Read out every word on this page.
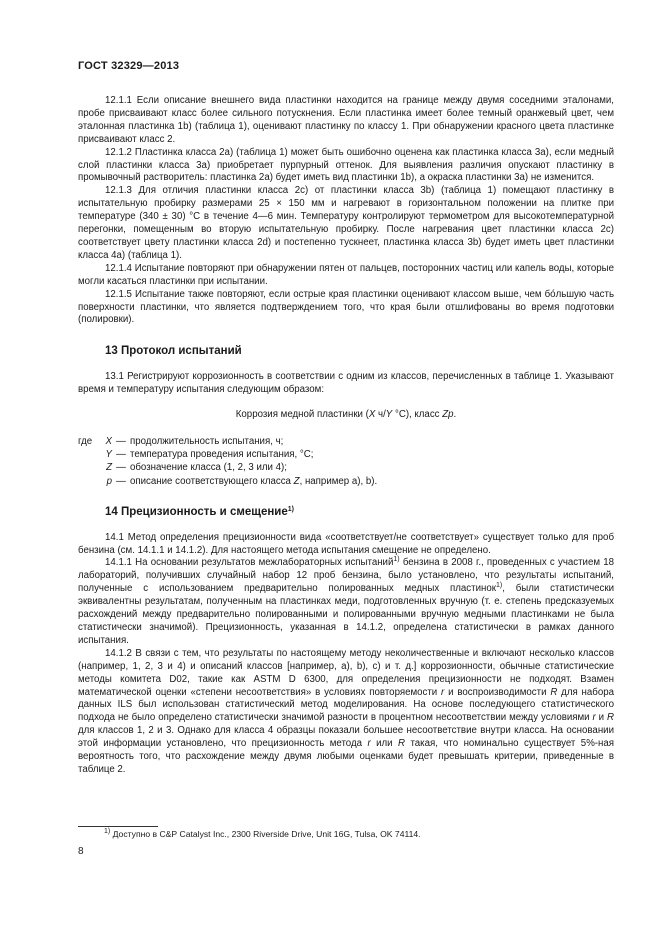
ГОСТ 32329—2013

12.1.1 Если описание внешнего вида пластинки находится на границе между двумя соседними эталонами, пробе присваивают класс более сильного потускнения. Если пластинка имеет более темный оранжевый цвет, чем эталонная пластинка 1b) (таблица 1), оценивают пластинку по классу 1. При обнаружении красного цвета пластинке присваивают класс 2.

12.1.2 Пластинка класса 2а) (таблица 1) может быть ошибочно оценена как пластинка класса 3а), если медный слой пластинки класса 3а) приобретает пурпурный оттенок. Для выявления различия опускают пластинку в промывочный растворитель: пластинка 2а) будет иметь вид пластинки 1b), а окраска пластинки 3а) не изменится.

12.1.3 Для отличия пластинки класса 2с) от пластинки класса 3b) (таблица 1) помещают пластинку в испытательную пробирку размерами 25 × 150 мм и нагревают в горизонтальном положении на плитке при температуре (340 ± 30) °С в течение 4—6 мин. Температуру контролируют термометром для высокотемпературной перегонки, помещенным во вторую испытательную пробирку. После нагревания цвет пластинки класса 2с) соответствует цвету пластинки класса 2d) и постепенно тускнеет, пластинка класса 3b) будет иметь цвет пластинки класса 4а) (таблица 1).

12.1.4 Испытание повторяют при обнаружении пятен от пальцев, посторонних частиц или капель воды, которые могли касаться пластинки при испытании.

12.1.5 Испытание также повторяют, если острые края пластинки оценивают классом выше, чем бо́льшую часть поверхности пластинки, что является подтверждением того, что края были отшлифованы во время подготовки (полировки).

13 Протокол испытаний

13.1 Регистрируют коррозионность в соответствии с одним из классов, перечисленных в таблице 1. Указывают время и температуру испытания следующим образом:

Коррозия медной пластинки (X ч/Y °С), класс Zp.
где	X — продолжительность испытания, ч;
Y — температура проведения испытания, °С;
Z — обозначение класса (1, 2, 3 или 4);
p — описание соответствующего класса Z, например а), b).
14 Прецизионность и смещение$^{1)}$

14.1 Метод определения прецизионности вида «соответствует/не соответствует» существует только для проб бензина (см. 14.1.1 и 14.1.2). Для настоящего метода испытания смещение не определено.

14.1.1 На основании результатов межлабораторных испытаний$^{1)}$ бензина в 2008 г., проведенных с участием 18 лабораторий, получивших случайный набор 12 проб бензина, было установлено, что результаты испытаний, полученные с использованием предварительно полированных медных пластинок$^{1)}$, были статистически эквивалентны результатам, полученным на пластинках меди, подготовленных вручную (т. е. степень предсказуемых расхождений между предварительно полированными и полированными вручную медными пластинками не была статистически значимой). Прецизионность, указанная в 14.1.2, определена статистически в рамках данного испытания.

14.1.2 В связи с тем, что результаты по настоящему методу неколичественные и включают несколько классов (например, 1, 2, 3 и 4) и описаний классов [например, а), b), с) и т. д.] коррозионности, обычные статистические методы комитета D02, такие как ASTM D 6300, для определения прецизионности не подходят. Взамен математической оценки «степени несоответствия» в условиях повторяемости r и воспроизводимости R для набора данных ILS был использован статистический метод моделирования. На основе последующего статистического подхода не было определено статистически значимой разности в процентном несоответствии между условиями r и R для классов 1, 2 и 3. Однако для класса 4 образцы показали большее несоответствие внутри класса. На основании этой информации установлено, что прецизионность метода r или R такая, что номинально существует 5%-ная вероятность того, что расхождение между двумя любыми оценками будет превышать критерии, приведенные в таблице 2.

$^{1)}$ Доступно в С&Р Catalyst Inc., 2300 Riverside Drive, Unit 16G, Tulsa, OK 74114.
8
